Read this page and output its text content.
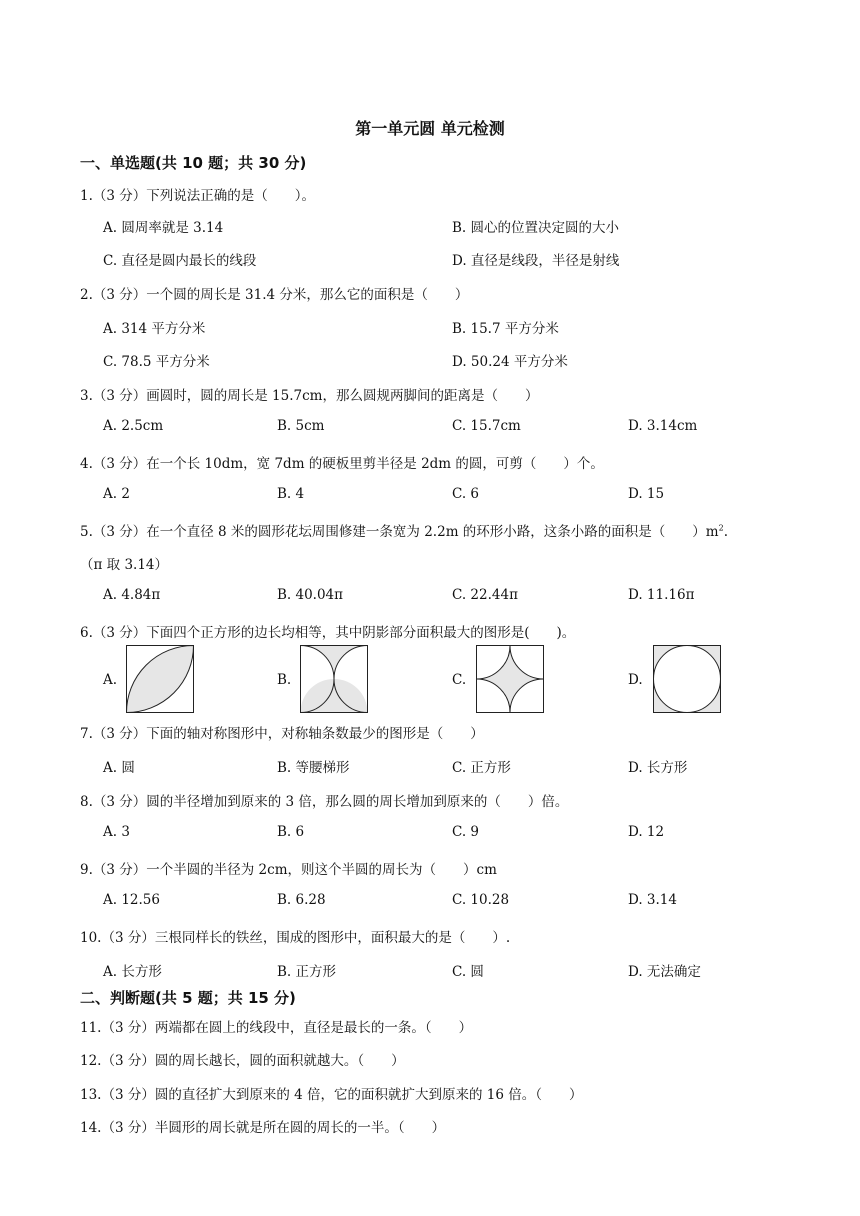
第一单元圆 单元检测
一、单选题(共 10 题；共 30 分)
1.（3 分）下列说法正确的是（　　）。
A. 圆周率就是 3.14	B. 圆心的位置决定圆的大小
C. 直径是圆内最长的线段	D. 直径是线段，半径是射线
2.（3 分）一个圆的周长是 31.4 分米，那么它的面积是（　　）
A. 314 平方分米	B. 15.7 平方分米
C. 78.5 平方分米	D. 50.24 平方分米
3.（3 分）画圆时，圆的周长是 15.7cm，那么圆规两脚间的距离是（　　）
A. 2.5cm	B. 5cm	C. 15.7cm	D. 3.14cm
4.（3 分）在一个长 10dm，宽 7dm 的硬板里剪半径是 2dm 的圆，可剪（　　）个。
A. 2	B. 4	C. 6	D. 15
5.（3 分）在一个直径 8 米的圆形花坛周围修建一条宽为 2.2m 的环形小路，这条小路的面积是（　　）$m^2$.
（π 取 3.14）
A. 4.84π	B. 40.04π	C. 22.44π	D. 11.16π
6.（3 分）下面四个正方形的边长均相等，其中阴影部分面积最大的图形是(　　)。
A.	B.	C.	D.
7.（3 分）下面的轴对称图形中，对称轴条数最少的图形是（　　）
A. 圆	B. 等腰梯形	C. 正方形	D. 长方形
8.（3 分）圆的半径增加到原来的 3 倍，那么圆的周长增加到原来的（　　）倍。
A. 3	B. 6	C. 9	D. 12
9.（3 分）一个半圆的半径为 2cm，则这个半圆的周长为（　　）cm
A. 12.56	B. 6.28	C. 10.28	D. 3.14
10.（3 分）三根同样长的铁丝，围成的图形中，面积最大的是（　　）.
A. 长方形	B. 正方形	C. 圆	D. 无法确定
二、判断题(共 5 题；共 15 分)
11.（3 分）两端都在圆上的线段中，直径是最长的一条。（　　）
12.（3 分）圆的周长越长，圆的面积就越大。（　　）
13.（3 分）圆的直径扩大到原来的 4 倍，它的面积就扩大到原来的 16 倍。（　　）
14.（3 分）半圆形的周长就是所在圆的周长的一半。（　　）
